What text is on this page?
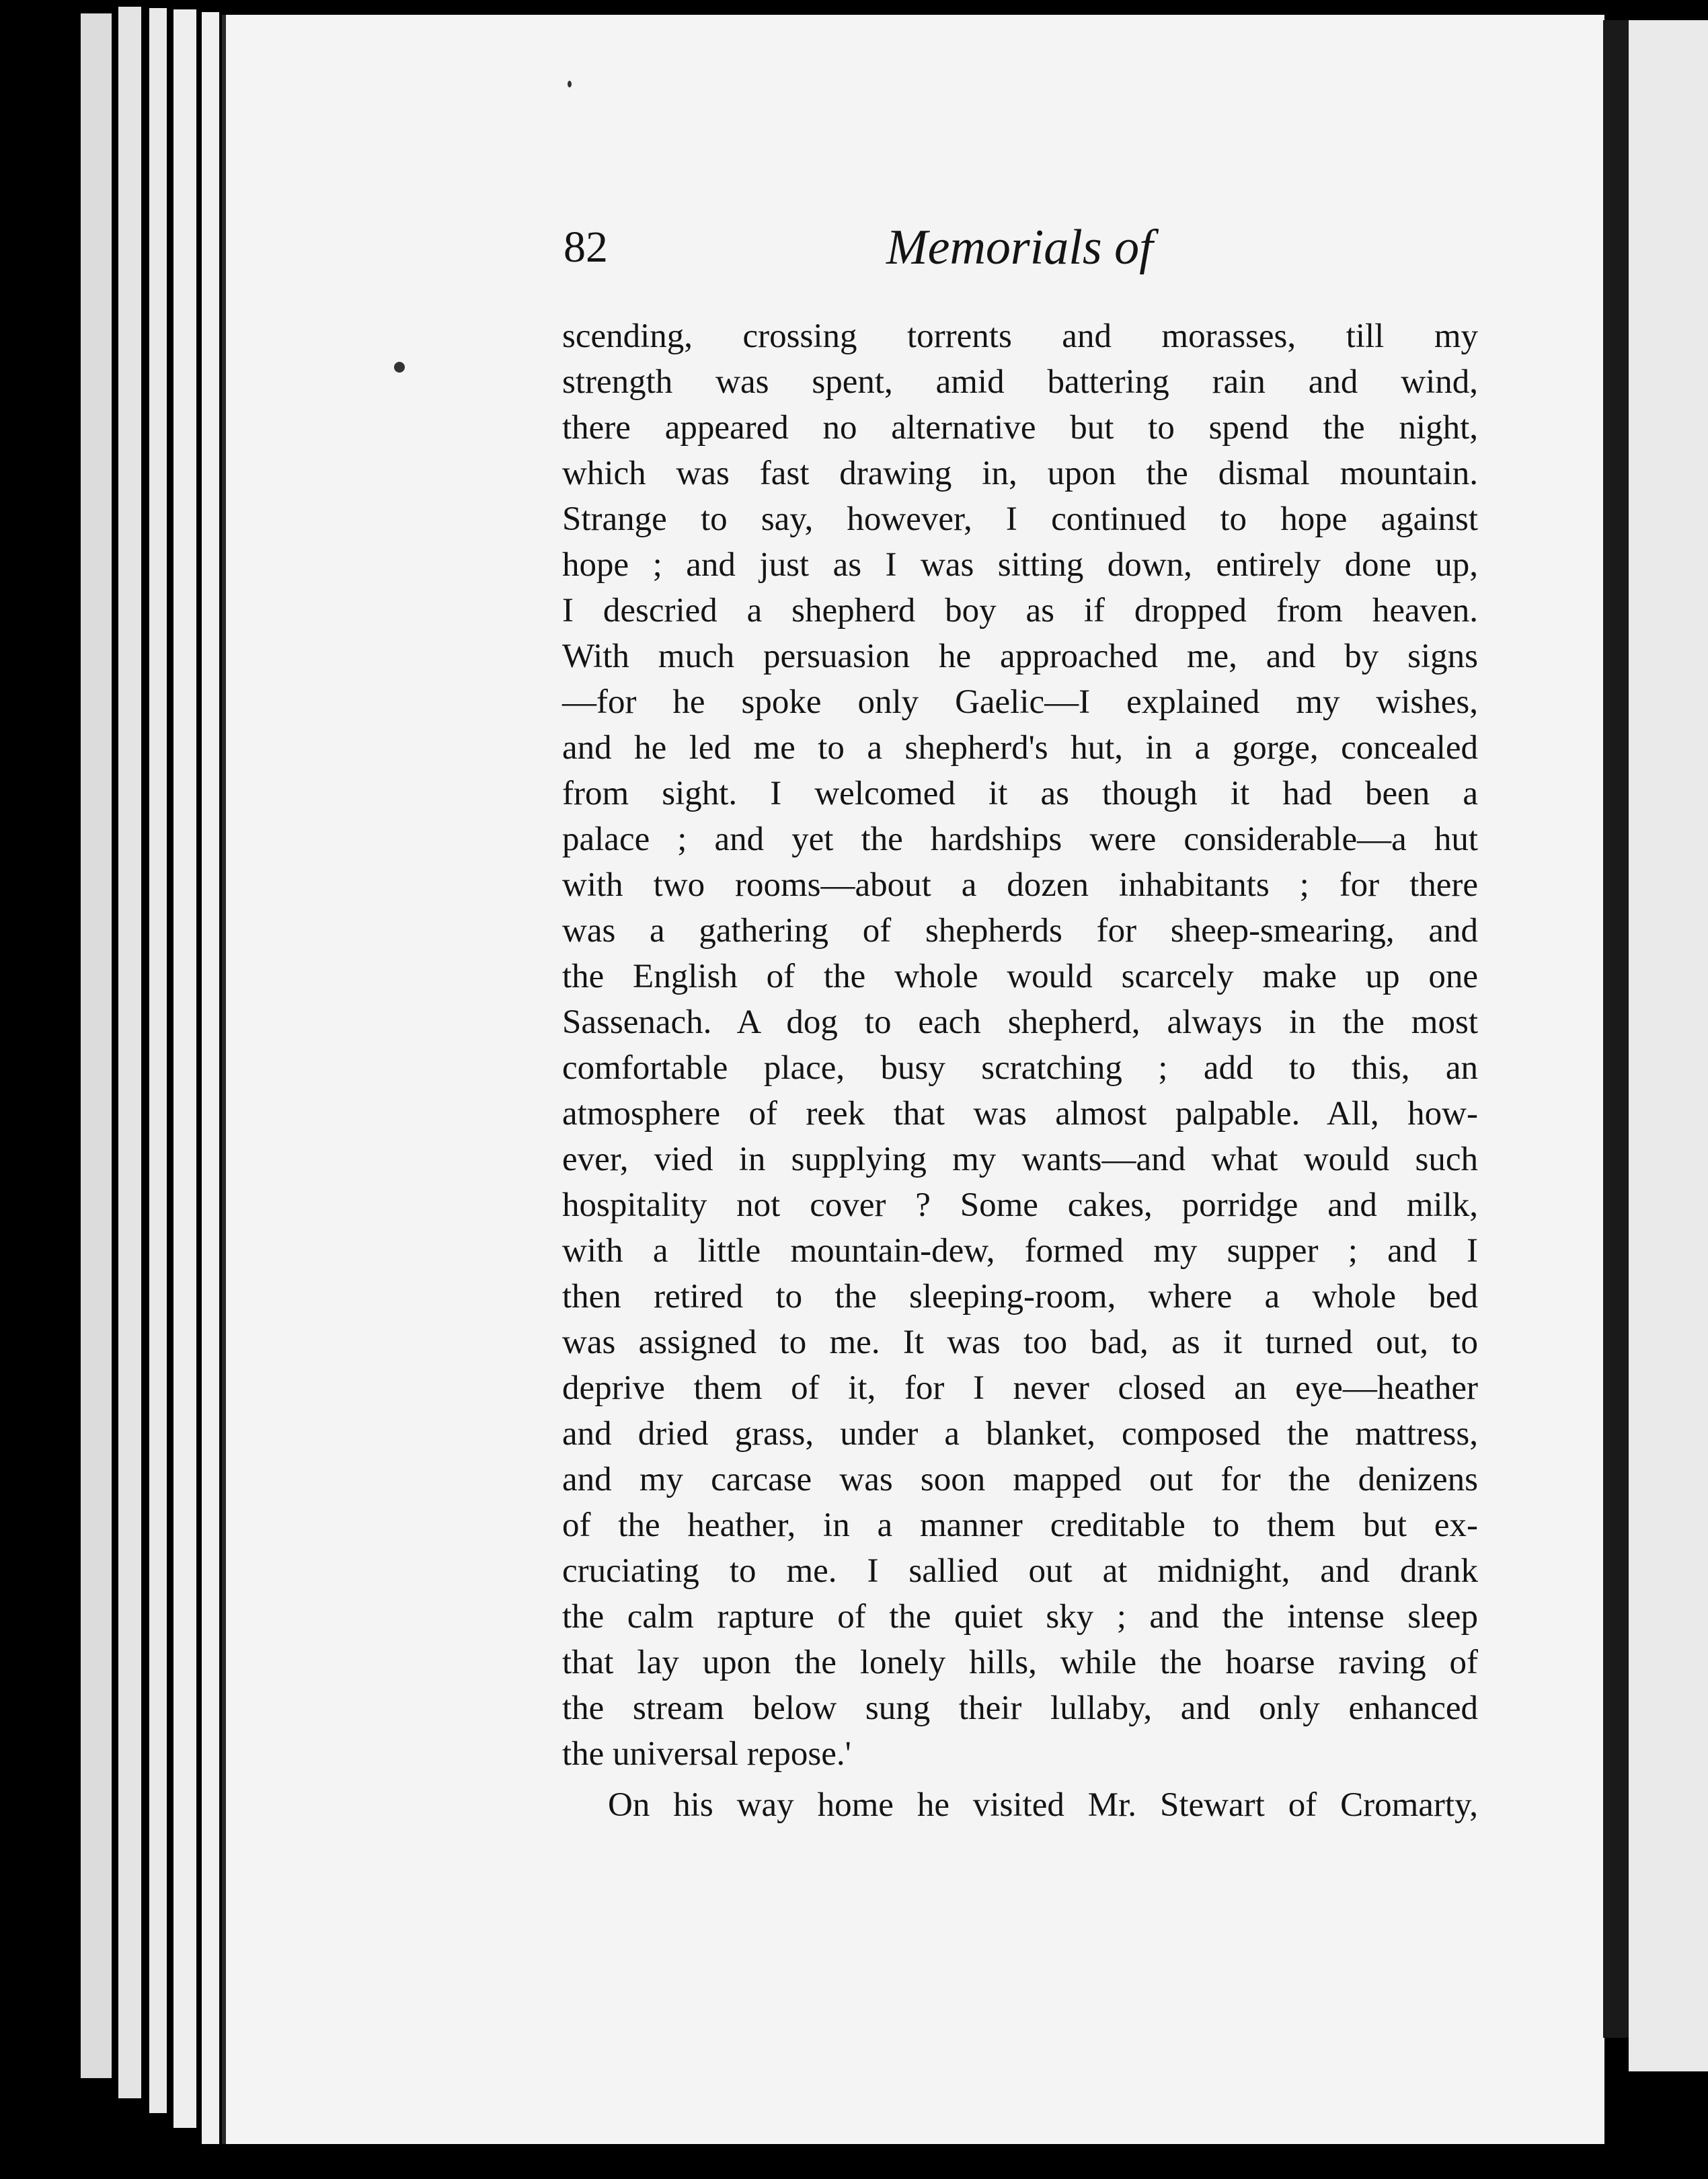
82	Memorials of
scending, crossing torrents and morasses, till my
strength was spent, amid battering rain and wind,
there appeared no alternative but to spend the night,
which was fast drawing in, upon the dismal mountain.
Strange to say, however, I continued to hope against
hope ; and just as I was sitting down, entirely done up,
I descried a shepherd boy as if dropped from heaven.
With much persuasion he approached me, and by signs
—for he spoke only Gaelic—I explained my wishes,
and he led me to a shepherd's hut, in a gorge, concealed
from sight. I welcomed it as though it had been a
palace ; and yet the hardships were considerable—a hut
with two rooms—about a dozen inhabitants ; for there
was a gathering of shepherds for sheep-smearing, and
the English of the whole would scarcely make up one
Sassenach. A dog to each shepherd, always in the most
comfortable place, busy scratching ; add to this, an
atmosphere of reek that was almost palpable. All, how-
ever, vied in supplying my wants—and what would such
hospitality not cover ? Some cakes, porridge and milk,
with a little mountain-dew, formed my supper ; and I
then retired to the sleeping-room, where a whole bed
was assigned to me. It was too bad, as it turned out, to
deprive them of it, for I never closed an eye—heather
and dried grass, under a blanket, composed the mattress,
and my carcase was soon mapped out for the denizens
of the heather, in a manner creditable to them but ex-
cruciating to me. I sallied out at midnight, and drank
the calm rapture of the quiet sky ; and the intense sleep
that lay upon the lonely hills, while the hoarse raving of
the stream below sung their lullaby, and only enhanced
the universal repose.'
On his way home he visited Mr. Stewart of Cromarty,
